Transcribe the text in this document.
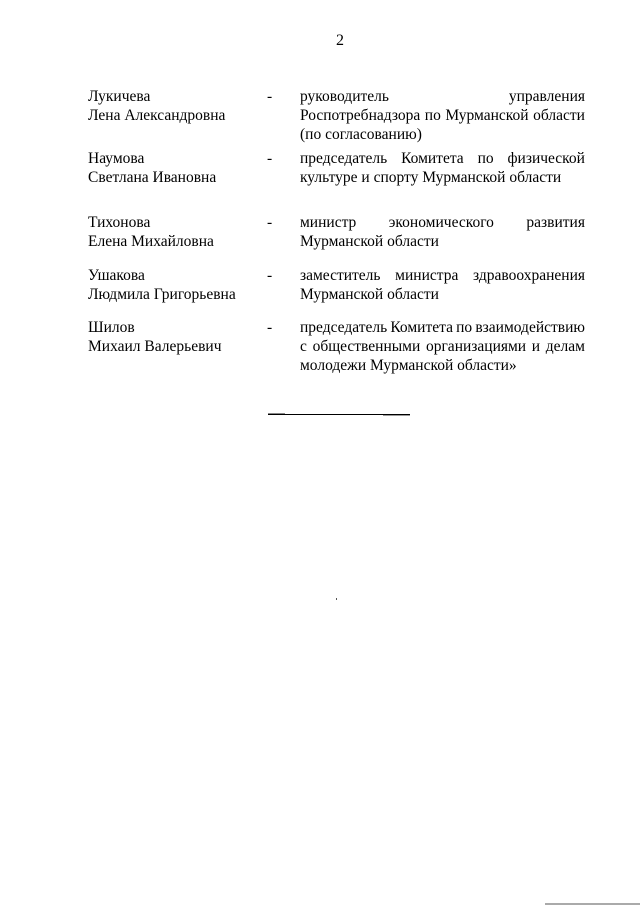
2
Лукичева
Лена Александровна
- руководитель	управления
Роспотребнадзора по Мурманской области
(по согласованию)
Наумова
Светлана Ивановна
- председатель Комитета по физической
культуре и спорту Мурманской области
Тихонова
Елена Михайловна
- министр экономического развития
Мурманской области
Ушакова
Людмила Григорьевна
- заместитель министра здравоохранения
Мурманской области
Шилов
Михаил Валерьевич
- председатель Комитета по взаимодействию
с общественными организациями и делам
молодежи Мурманской области»
